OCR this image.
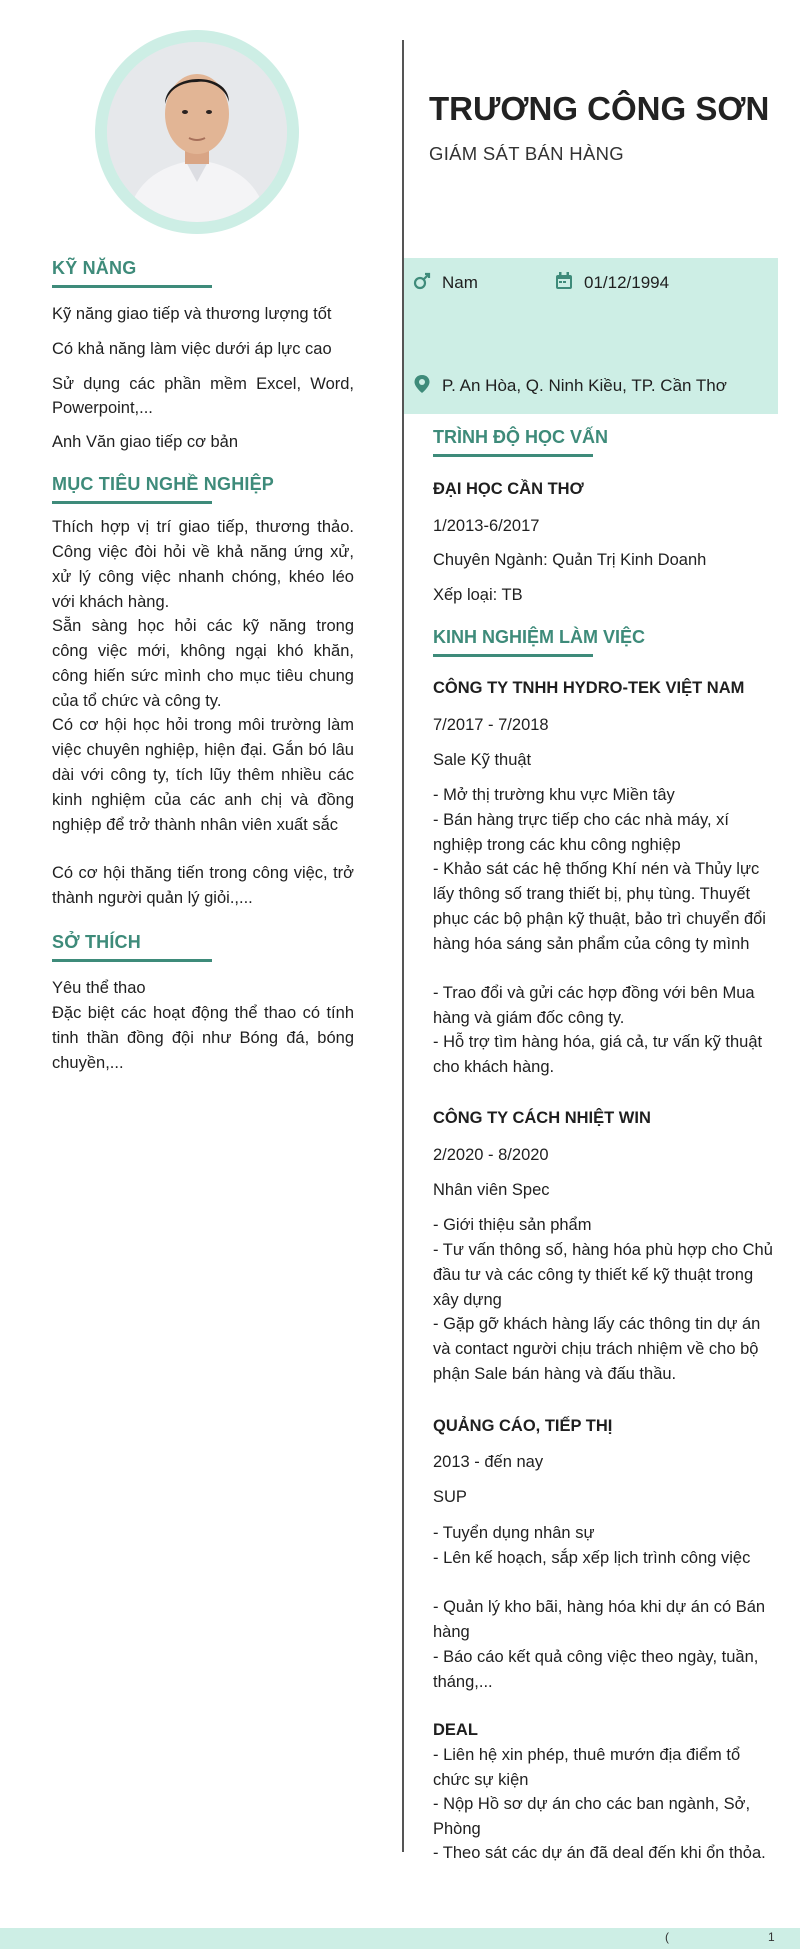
KỸ NĂNG
Kỹ năng giao tiếp và thương lượng tốt
Có khả năng làm việc dưới áp lực cao
Sử dụng các phần mềm Excel, Word, Powerpoint,...
Anh Văn giao tiếp cơ bản
MỤC TIÊU NGHỀ NGHIỆP
Thích hợp vị trí giao tiếp, thương thảo. Công việc đòi hỏi về khả năng ứng xử, xử lý công việc nhanh chóng, khéo léo với khách hàng.
Sẵn sàng học hỏi các kỹ năng trong công việc mới, không ngại khó khăn, công hiến sức mình cho mục tiêu chung của tổ chức và công ty.
Có cơ hội học hỏi trong môi trường làm việc chuyên nghiệp, hiện đại. Gắn bó lâu dài với công ty, tích lũy thêm nhiều các kinh nghiệm của các anh chị và đồng nghiệp để trở thành nhân viên xuất sắc
Có cơ hội thăng tiến trong công việc, trở thành người quản lý giỏi.,...
SỞ THÍCH
Yêu thể thao
Đặc biệt các hoạt động thể thao có tính tinh thần đồng đội như Bóng đá, bóng chuyền,...
TRƯƠNG CÔNG SƠN
GIÁM SÁT BÁN HÀNG
Nam	01/12/1994
P. An Hòa, Q. Ninh Kiều, TP. Cần Thơ
TRÌNH ĐỘ HỌC VẤN
ĐẠI HỌC CẦN THƠ
1/2013-6/2017
Chuyên Ngành: Quản Trị Kinh Doanh
Xếp loại: TB
KINH NGHIỆM LÀM VIỆC
CÔNG TY TNHH HYDRO-TEK VIỆT NAM
7/2017 - 7/2018
Sale Kỹ thuật
- Mở thị trường khu vực Miền tây
- Bán hàng trực tiếp cho các nhà máy, xí nghiệp trong các khu công nghiệp
- Khảo sát các hệ thống Khí nén và Thủy lực lấy thông số trang thiết bị, phụ tùng. Thuyết phục các bộ phận kỹ thuật, bảo trì chuyển đổi hàng hóa sáng sản phẩm của công ty mình
- Trao đổi và gửi các hợp đồng với bên Mua hàng và giám đốc công ty.
- Hỗ trợ tìm hàng hóa, giá cả, tư vấn kỹ thuật cho khách hàng.
CÔNG TY CÁCH NHIỆT WIN
2/2020 - 8/2020
Nhân viên Spec
- Giới thiệu sản phẩm
- Tư vấn thông số, hàng hóa phù hợp cho Chủ đầu tư và các công ty thiết kế kỹ thuật trong xây dựng
- Gặp gỡ khách hàng lấy các thông tin dự án và contact người chịu trách nhiệm về cho bộ phận Sale bán hàng và đấu thầu.
QUẢNG CÁO, TIẾP THỊ
2013 - đến nay
SUP
- Tuyển dụng nhân sự
- Lên kế hoạch, sắp xếp lịch trình công việc
- Quản lý kho bãi, hàng hóa khi dự án có Bán hàng
- Báo cáo kết quả công việc theo ngày, tuần, tháng,...
DEAL
- Liên hệ xin phép, thuê mướn địa điểm tổ chức sự kiện
- Nộp Hồ sơ dự án cho các ban ngành, Sở, Phòng
- Theo sát các dự án đã deal đến khi ổn thỏa.
(	1
